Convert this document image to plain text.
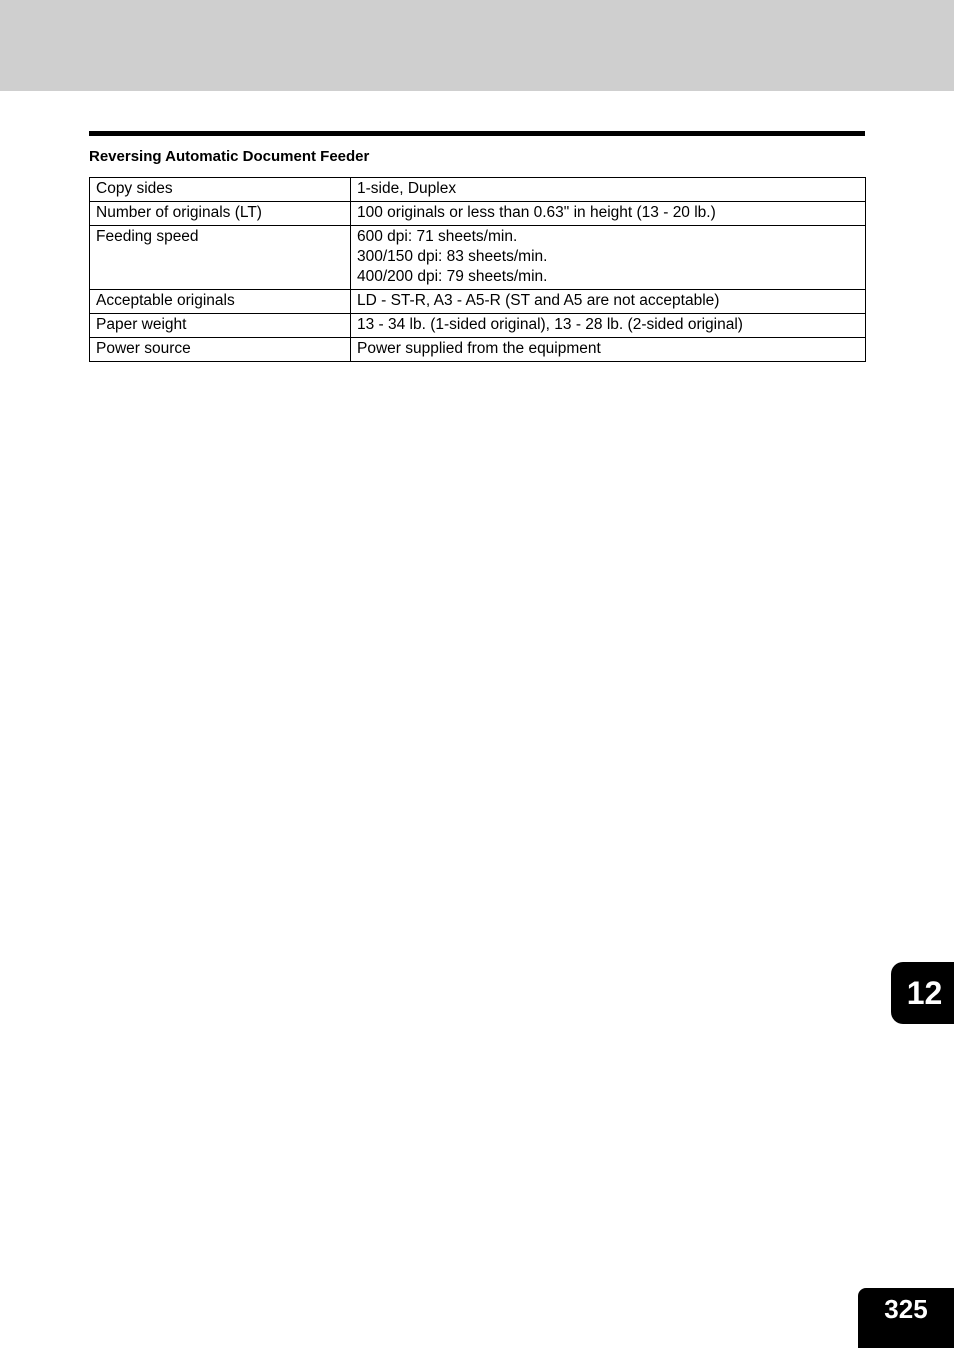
Reversing Automatic Document Feeder
Copy sides	1-side, Duplex

Number of originals (LT)	100 originals or less than 0.63" in height (13 - 20 lb.)

Feeding speed	600 dpi: 71 sheets/min.
300/150 dpi: 83 sheets/min.
400/200 dpi: 79 sheets/min.

Acceptable originals	LD - ST-R, A3 - A5-R (ST and A5 are not acceptable)

Paper weight	13 - 34 lb. (1-sided original), 13 - 28 lb. (2-sided original)

Power source	Power supplied from the equipment
12
325
